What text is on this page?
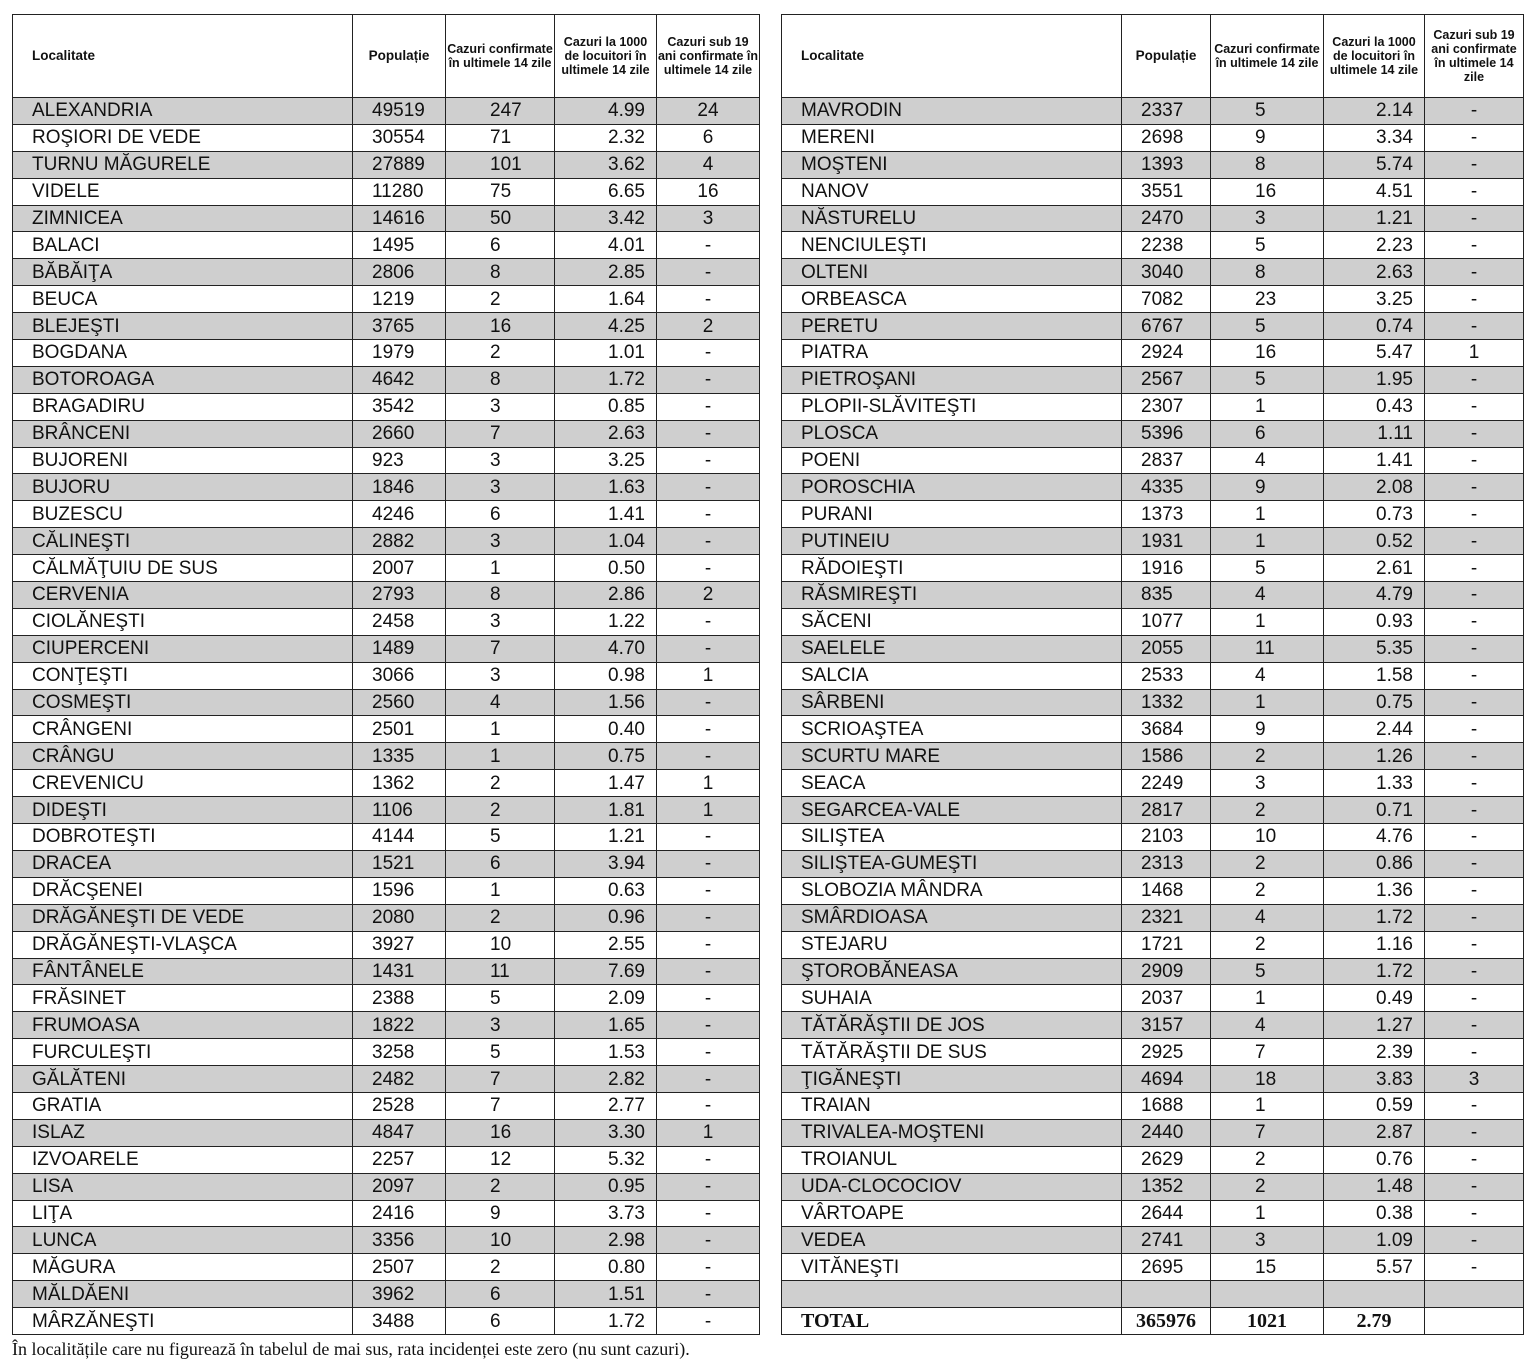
Localitate	Populație	Cazuri confirmate în ultimele 14 zile	Cazuri la 1000 de locuitori în ultimele 14 zile	Cazuri sub 19 ani confirmate în ultimele 14 zile
ALEXANDRIA	49519	247	4.99	24
ROŞIORI DE VEDE	30554	71	2.32	6
TURNU MĂGURELE	27889	101	3.62	4
VIDELE	11280	75	6.65	16
ZIMNICEA	14616	50	3.42	3
BALACI	1495	6	4.01	-
BĂBĂIŢA	2806	8	2.85	-
BEUCA	1219	2	1.64	-
BLEJEŞTI	3765	16	4.25	2
BOGDANA	1979	2	1.01	-
BOTOROAGA	4642	8	1.72	-
BRAGADIRU	3542	3	0.85	-
BRÂNCENI	2660	7	2.63	-
BUJORENI	923	3	3.25	-
BUJORU	1846	3	1.63	-
BUZESCU	4246	6	1.41	-
CĂLINEŞTI	2882	3	1.04	-
CĂLMĂŢUIU DE SUS	2007	1	0.50	-
CERVENIA	2793	8	2.86	2
CIOLĂNEŞTI	2458	3	1.22	-
CIUPERCENI	1489	7	4.70	-
CONŢEŞTI	3066	3	0.98	1
COSMEŞTI	2560	4	1.56	-
CRÂNGENI	2501	1	0.40	-
CRÂNGU	1335	1	0.75	-
CREVENICU	1362	2	1.47	1
DIDEŞTI	1106	2	1.81	1
DOBROTEŞTI	4144	5	1.21	-
DRACEA	1521	6	3.94	-
DRĂCŞENEI	1596	1	0.63	-
DRĂGĂNEŞTI DE VEDE	2080	2	0.96	-
DRĂGĂNEŞTI-VLAŞCA	3927	10	2.55	-
FÂNTÂNELE	1431	11	7.69	-
FRĂSINET	2388	5	2.09	-
FRUMOASA	1822	3	1.65	-
FURCULEŞTI	3258	5	1.53	-
GĂLĂTENI	2482	7	2.82	-
GRATIA	2528	7	2.77	-
ISLAZ	4847	16	3.30	1
IZVOARELE	2257	12	5.32	-
LISA	2097	2	0.95	-
LIŢA	2416	9	3.73	-
LUNCA	3356	10	2.98	-
MĂGURA	2507	2	0.80	-
MĂLDĂENI	3962	6	1.51	-
MÂRZĂNEŞTI	3488	6	1.72	-
Localitate	Populație	Cazuri confirmate în ultimele 14 zile	Cazuri la 1000 de locuitori în ultimele 14 zile	Cazuri sub 19 ani confirmate în ultimele 14 zile
MAVRODIN	2337	5	2.14	-
MERENI	2698	9	3.34	-
MOŞTENI	1393	8	5.74	-
NANOV	3551	16	4.51	-
NĂSTURELU	2470	3	1.21	-
NENCIULEŞTI	2238	5	2.23	-
OLTENI	3040	8	2.63	-
ORBEASCA	7082	23	3.25	-
PERETU	6767	5	0.74	-
PIATRA	2924	16	5.47	1
PIETROŞANI	2567	5	1.95	-
PLOPII-SLĂVITEŞTI	2307	1	0.43	-
PLOSCA	5396	6	1.11	-
POENI	2837	4	1.41	-
POROSCHIA	4335	9	2.08	-
PURANI	1373	1	0.73	-
PUTINEIU	1931	1	0.52	-
RĂDOIEŞTI	1916	5	2.61	-
RĂSMIREŞTI	835	4	4.79	-
SĂCENI	1077	1	0.93	-
SAELELE	2055	11	5.35	-
SALCIA	2533	4	1.58	-
SÂRBENI	1332	1	0.75	-
SCRIOAŞTEA	3684	9	2.44	-
SCURTU MARE	1586	2	1.26	-
SEACA	2249	3	1.33	-
SEGARCEA-VALE	2817	2	0.71	-
SILIŞTEA	2103	10	4.76	-
SILIŞTEA-GUMEŞTI	2313	2	0.86	-
SLOBOZIA MÂNDRA	1468	2	1.36	-
SMÂRDIOASA	2321	4	1.72	-
STEJARU	1721	2	1.16	-
ŞTOROBĂNEASA	2909	5	1.72	-
SUHAIA	2037	1	0.49	-
TĂTĂRĂŞTII DE JOS	3157	4	1.27	-
TĂTĂRĂŞTII DE SUS	2925	7	2.39	-
ŢIGĂNEŞTI	4694	18	3.83	3
TRAIAN	1688	1	0.59	-
TRIVALEA-MOŞTENI	2440	7	2.87	-
TROIANUL	2629	2	0.76	-
UDA-CLOCOCIOV	1352	2	1.48	-
VÂRTOAPE	2644	1	0.38	-
VEDEA	2741	3	1.09	-
VITĂNEŞTI	2695	15	5.57	-

TOTAL	365976	1021	2.79	
În localitățile care nu figurează în tabelul de mai sus, rata incidenței este zero (nu sunt cazuri).
